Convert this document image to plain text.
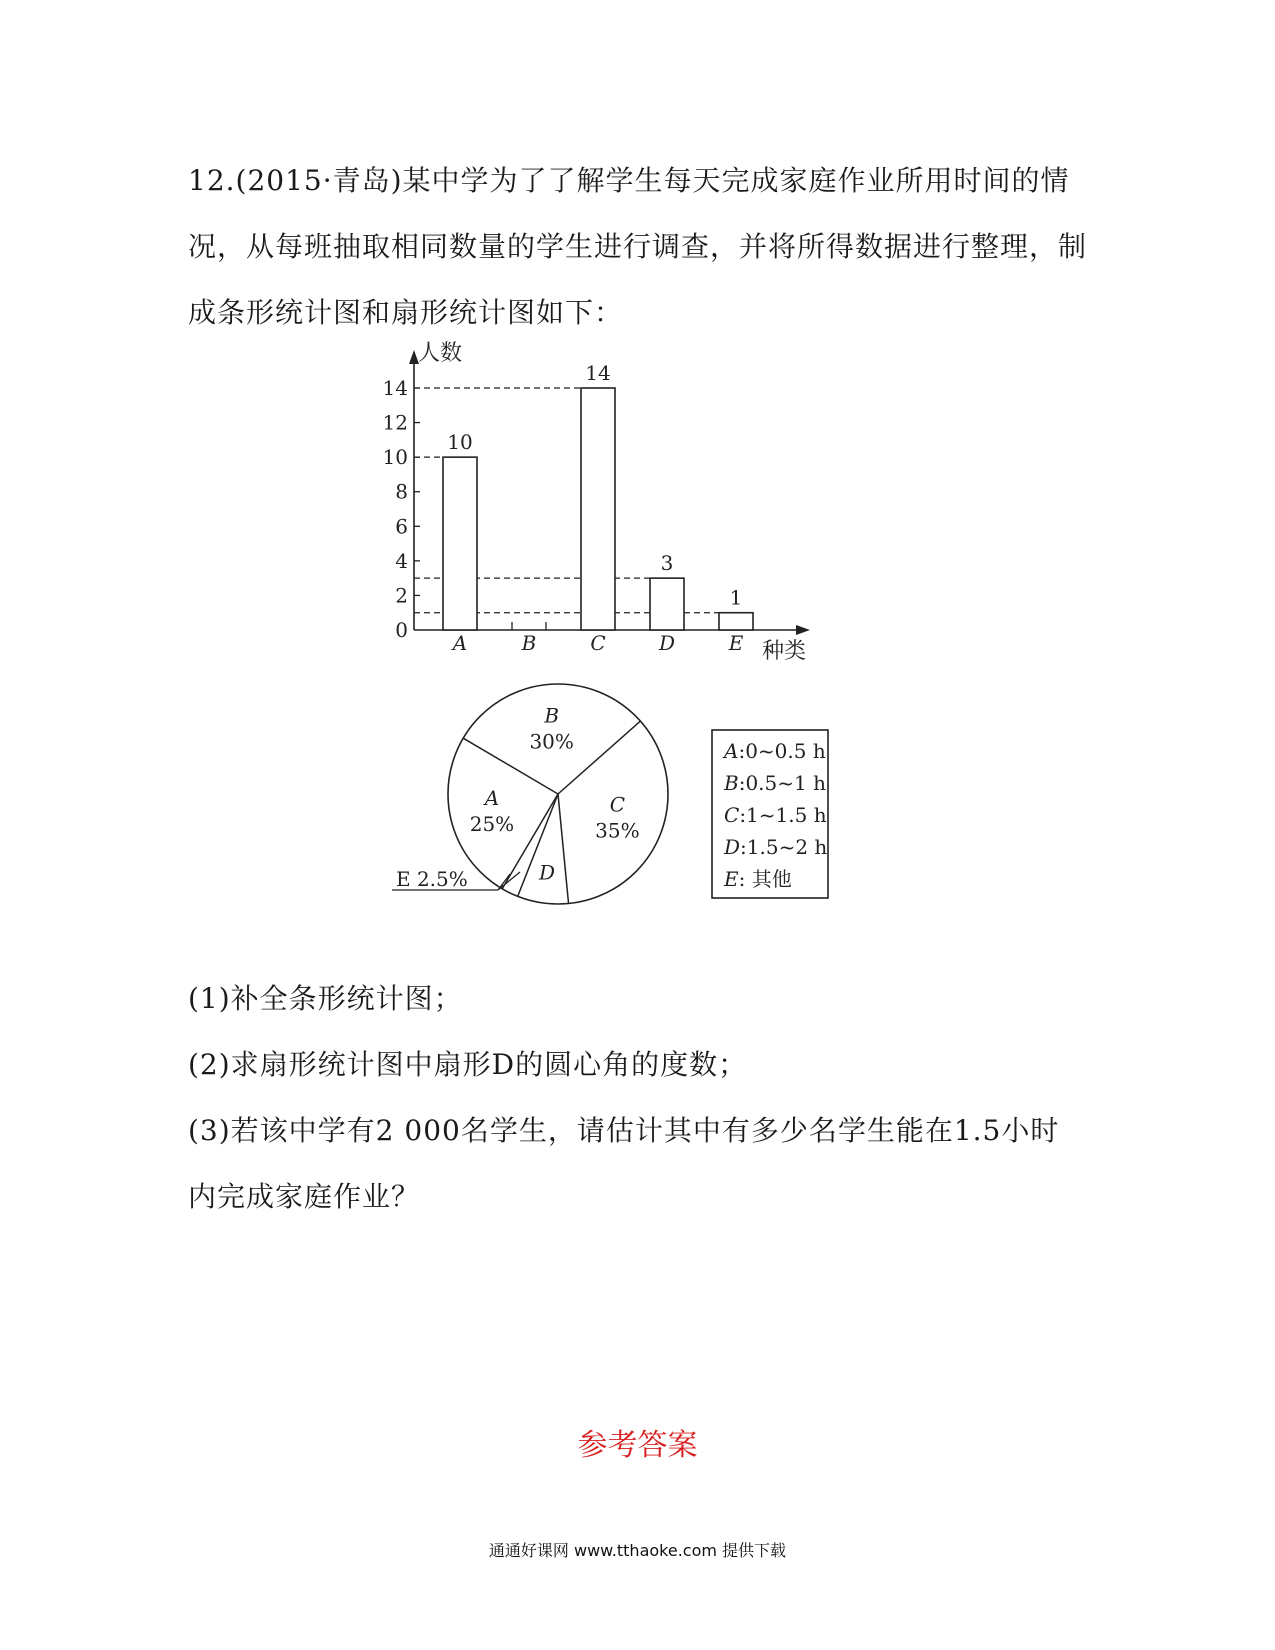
12.(2015·青岛)某中学为了了解学生每天完成家庭作业所用时间的情况，从每班抽取相同数量的学生进行调查，并将所得数据进行整理，制成条形统计图和扇形统计图如下：
人数
种类
0
2
4
6
8
10
12
14
10
14
3
1
A	B	C	D	E
B
30%
C
35%
D
E 2.5%
A
25%
A:0~0.5 h
B:0.5~1 h
C:1~1.5 h
D:1.5~2 h
E: 其他
(1)补全条形统计图；
(2)求扇形统计图中扇形D的圆心角的度数；
(3)若该中学有2 000名学生，请估计其中有多少名学生能在1.5小时内完成家庭作业？
参考答案
通通好课网 www.tthaoke.com 提供下载
